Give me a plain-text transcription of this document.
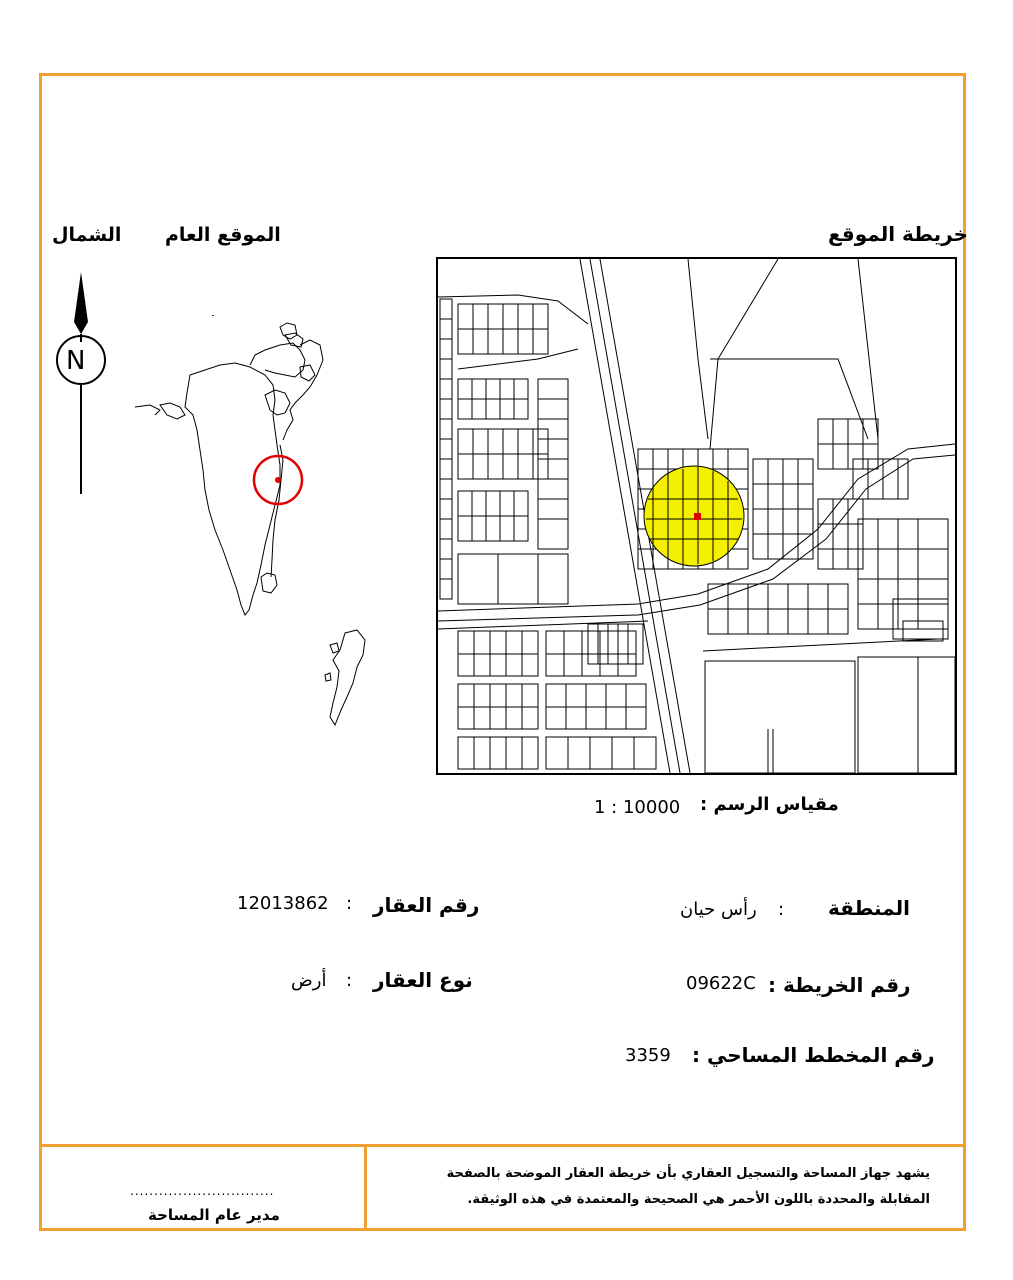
الشمال الموقع العام	خريطة الموقع
N
مقياس الرسم :
1 : 10000
رقم العقار
:
12013862
نوع العقار
:
أرض
المنطقة
:
رأس حيان
رقم الخريطة :
09622C
رقم المخطط المساحي :
3359
يشهد جهاز المساحة والتسجيل العقاري بأن خريطة العقار الموضحة بالصفحة
المقابلة والمحددة باللون الأحمر هي الصحيحة والمعتمدة في هذه الوثيقة.
..............................
مدير عام المساحة
